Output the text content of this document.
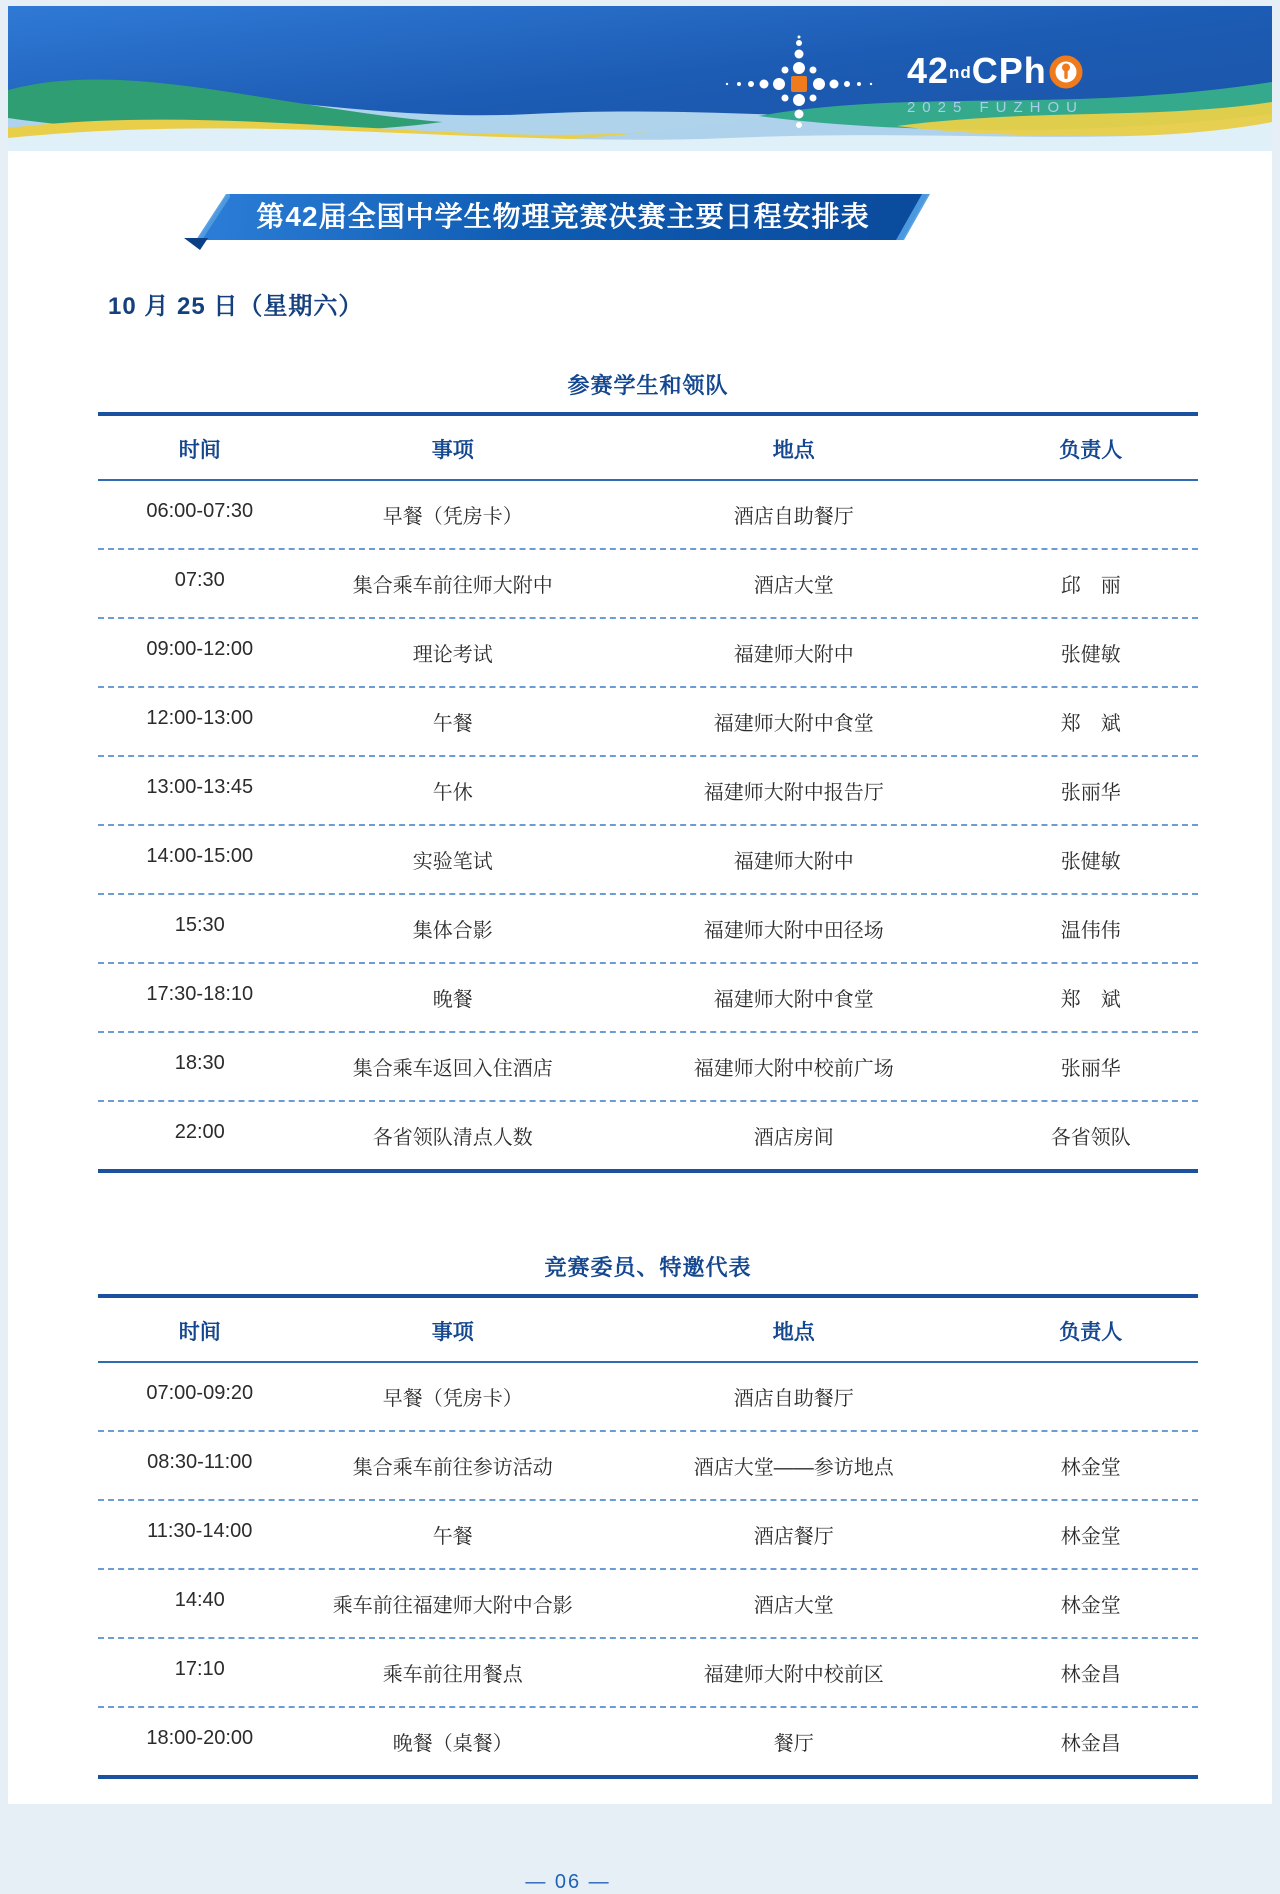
42 nd CPh
2025 FUZHOU
第42届全国中学生物理竞赛决赛主要日程安排表
10 月 25 日（星期六）
参赛学生和领队
时间	事项	地点	负责人
06:00-07:30	早餐（凭房卡）	酒店自助餐厅
07:30	集合乘车前往师大附中	酒店大堂	邱　丽
09:00-12:00	理论考试	福建师大附中	张健敏
12:00-13:00	午餐	福建师大附中食堂	郑　斌
13:00-13:45	午休	福建师大附中报告厅	张丽华
14:00-15:00	实验笔试	福建师大附中	张健敏
15:30	集体合影	福建师大附中田径场	温伟伟
17:30-18:10	晚餐	福建师大附中食堂	郑　斌
18:30	集合乘车返回入住酒店	福建师大附中校前广场	张丽华
22:00	各省领队清点人数	酒店房间	各省领队
竞赛委员、特邀代表
时间	事项	地点	负责人
07:00-09:20	早餐（凭房卡）	酒店自助餐厅
08:30-11:00	集合乘车前往参访活动	酒店大堂——参访地点	林金堂
11:30-14:00	午餐	酒店餐厅	林金堂
14:40	乘车前往福建师大附中合影	酒店大堂	林金堂
17:10	乘车前往用餐点	福建师大附中校前区	林金昌
18:00-20:00	晚餐（桌餐）	餐厅	林金昌
— 06 —
